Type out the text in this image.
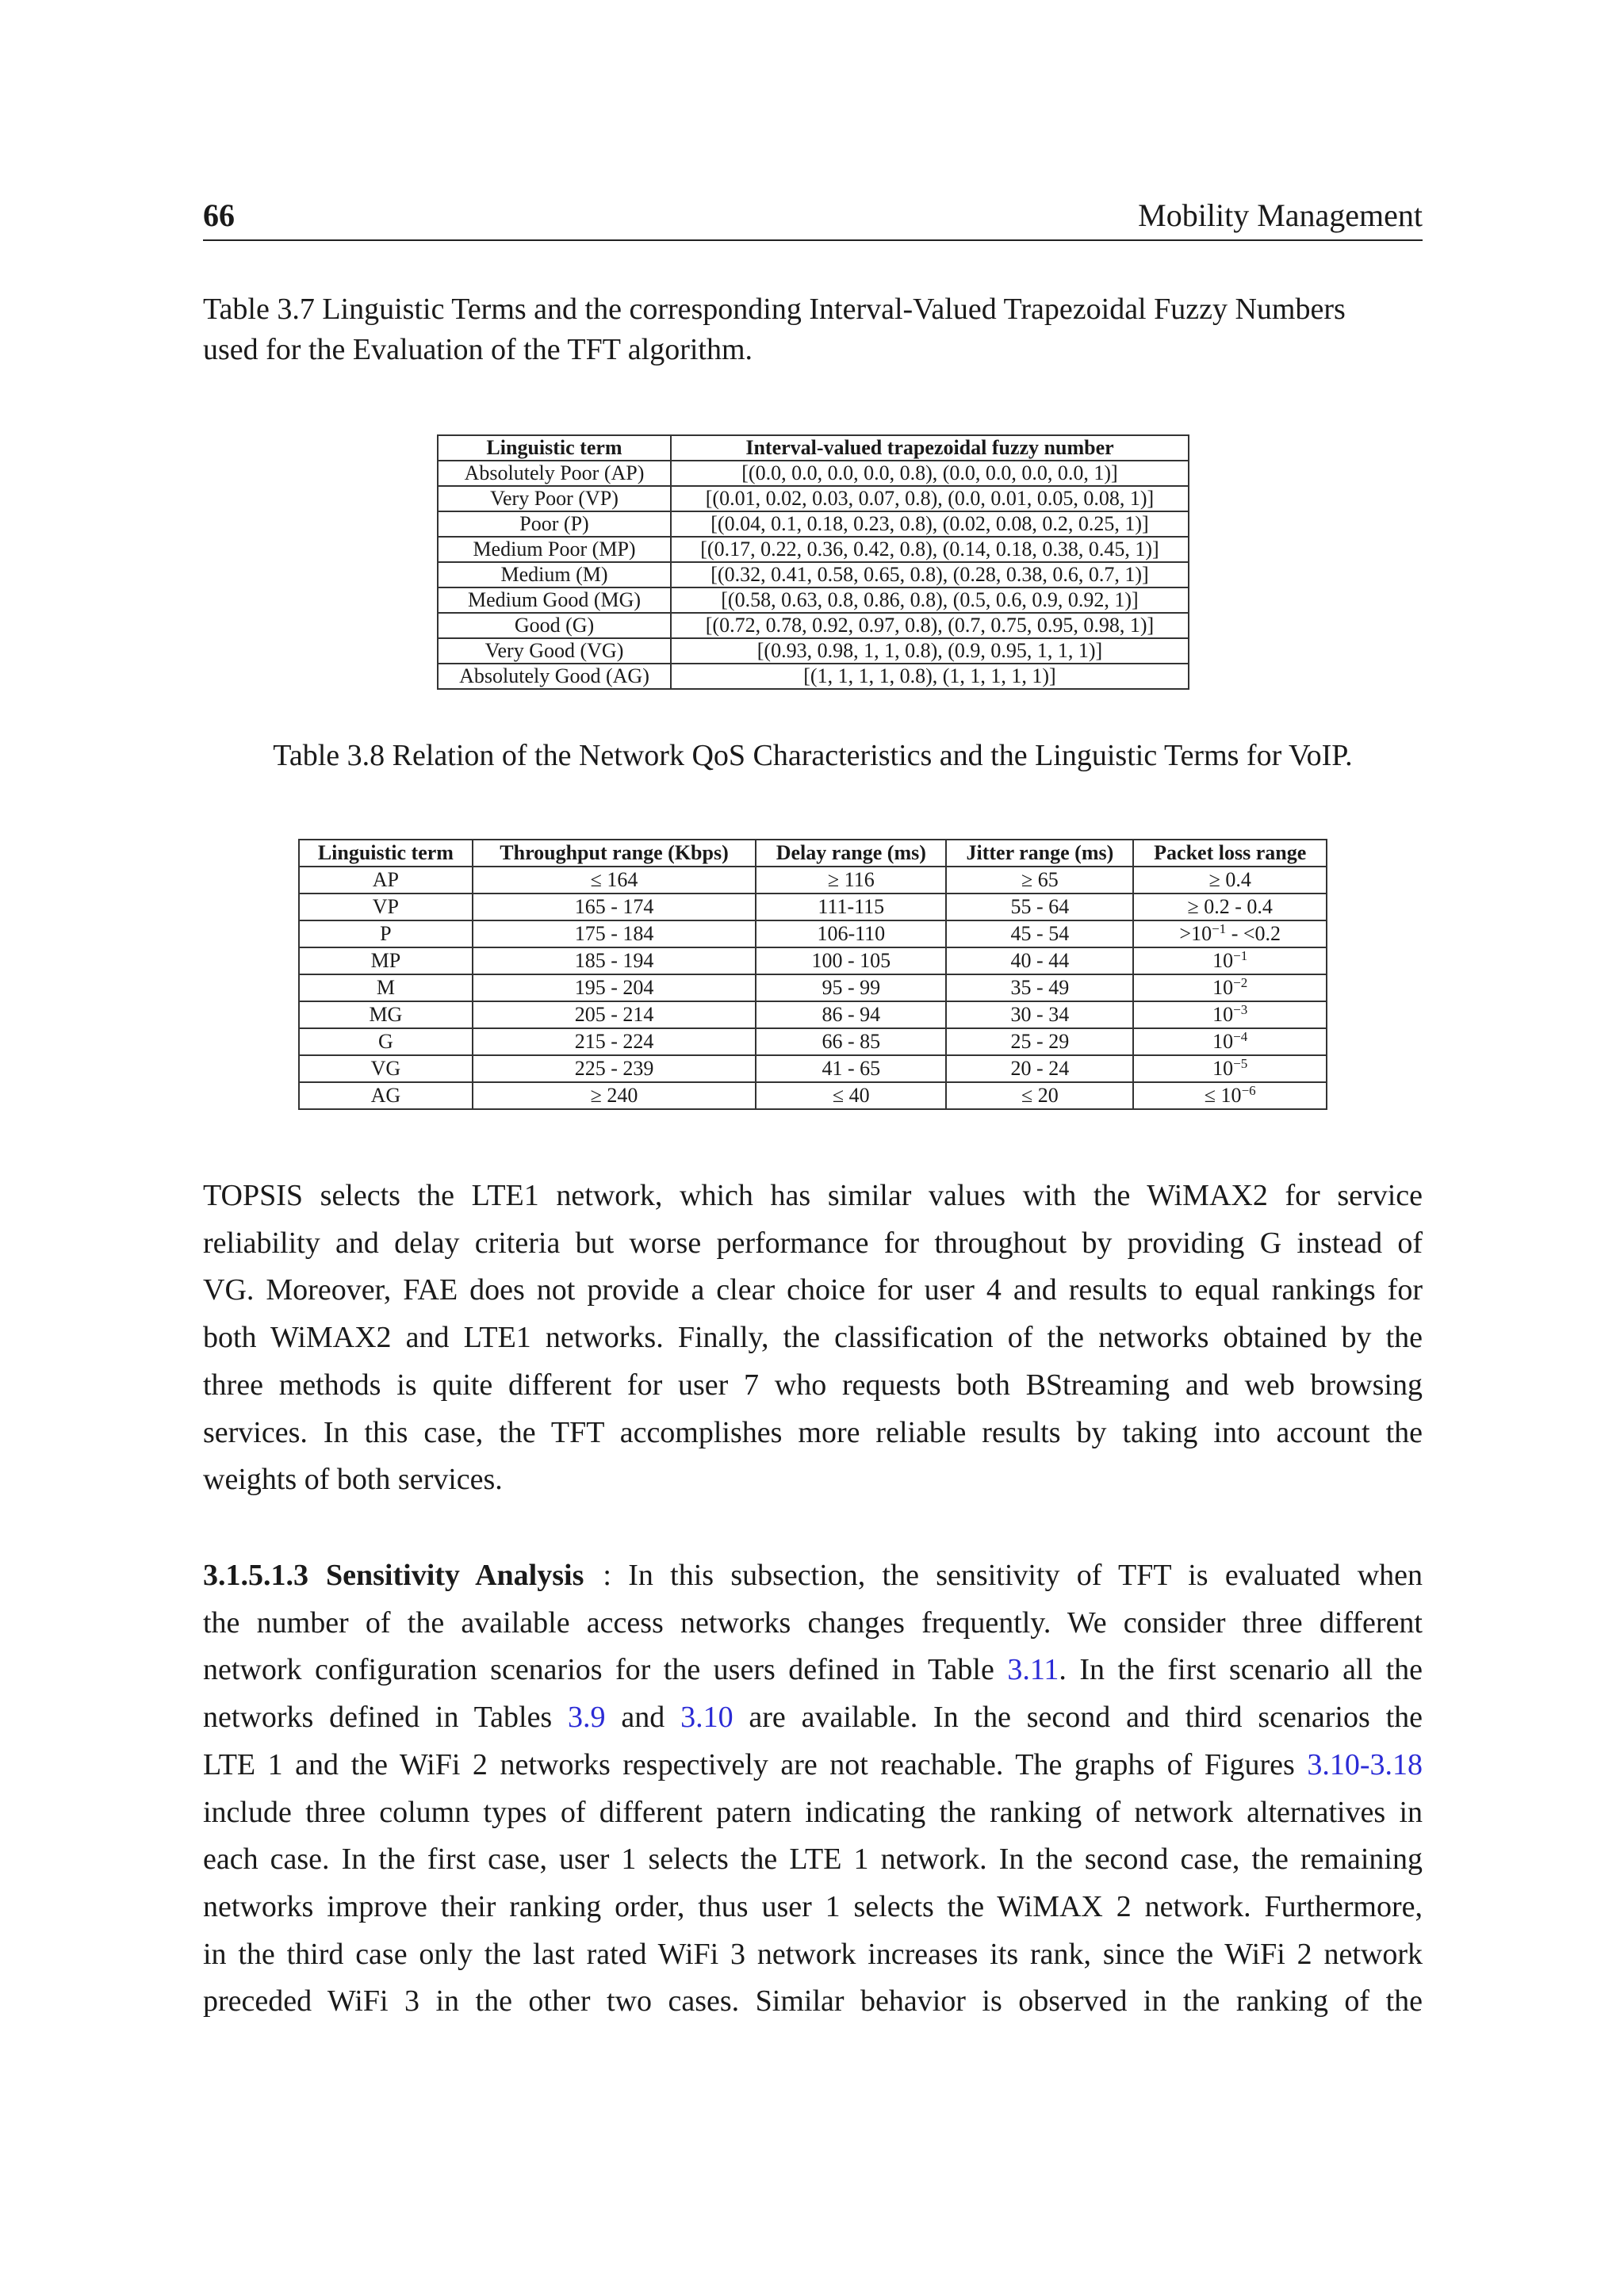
66	Mobility Management
Table 3.7 Linguistic Terms and the corresponding Interval-Valued Trapezoidal Fuzzy Numbers
used for the Evaluation of the TFT algorithm.
Linguistic term	Interval-valued trapezoidal fuzzy number
Absolutely Poor (AP)	[(0.0, 0.0, 0.0, 0.0, 0.8), (0.0, 0.0, 0.0, 0.0, 1)]
Very Poor (VP)	[(0.01, 0.02, 0.03, 0.07, 0.8), (0.0, 0.01, 0.05, 0.08, 1)]
Poor (P)	[(0.04, 0.1, 0.18, 0.23, 0.8), (0.02, 0.08, 0.2, 0.25, 1)]
Medium Poor (MP)	[(0.17, 0.22, 0.36, 0.42, 0.8), (0.14, 0.18, 0.38, 0.45, 1)]
Medium (M)	[(0.32, 0.41, 0.58, 0.65, 0.8), (0.28, 0.38, 0.6, 0.7, 1)]
Medium Good (MG)	[(0.58, 0.63, 0.8, 0.86, 0.8), (0.5, 0.6, 0.9, 0.92, 1)]
Good (G)	[(0.72, 0.78, 0.92, 0.97, 0.8), (0.7, 0.75, 0.95, 0.98, 1)]
Very Good (VG)	[(0.93, 0.98, 1, 1, 0.8), (0.9, 0.95, 1, 1, 1)]
Absolutely Good (AG)	[(1, 1, 1, 1, 0.8), (1, 1, 1, 1, 1)]
Table 3.8 Relation of the Network QoS Characteristics and the Linguistic Terms for VoIP.
Linguistic term	Throughput range (Kbps)	Delay range (ms)	Jitter range (ms)	Packet loss range
AP	≤ 164	≥ 116	≥ 65	≥ 0.4
VP	165 - 174	111-115	55 - 64	≥ 0.2 - 0.4
P	175 - 184	106-110	45 - 54	$>10^{-1} - <0.2$
MP	185 - 194	100 - 105	40 - 44	$10^{-1}$
M	195 - 204	95 - 99	35 - 49	$10^{-2}$
MG	205 - 214	86 - 94	30 - 34	$10^{-3}$
G	215 - 224	66 - 85	25 - 29	$10^{-4}$
VG	225 - 239	41 - 65	20 - 24	$10^{-5}$
AG	≥ 240	≤ 40	≤ 20	≤ $10^{-6}$
TOPSIS selects the LTE1 network, which has similar values with the WiMAX2 for service
reliability and delay criteria but worse performance for throughout by providing G instead of
VG. Moreover, FAE does not provide a clear choice for user 4 and results to equal rankings for
both WiMAX2 and LTE1 networks. Finally, the classification of the networks obtained by the
three methods is quite different for user 7 who requests both BStreaming and web browsing
services. In this case, the TFT accomplishes more reliable results by taking into account the
weights of both services.
3.1.5.1.3 Sensitivity Analysis : In this subsection, the sensitivity of TFT is evaluated when
the number of the available access networks changes frequently. We consider three different
network configuration scenarios for the users defined in Table 3.11. In the first scenario all the
networks defined in Tables 3.9 and 3.10 are available. In the second and third scenarios the
LTE 1 and the WiFi 2 networks respectively are not reachable. The graphs of Figures 3.10-3.18
include three column types of different patern indicating the ranking of network alternatives in
each case. In the first case, user 1 selects the LTE 1 network. In the second case, the remaining
networks improve their ranking order, thus user 1 selects the WiMAX 2 network. Furthermore,
in the third case only the last rated WiFi 3 network increases its rank, since the WiFi 2 network
preceded WiFi 3 in the other two cases. Similar behavior is observed in the ranking of the
